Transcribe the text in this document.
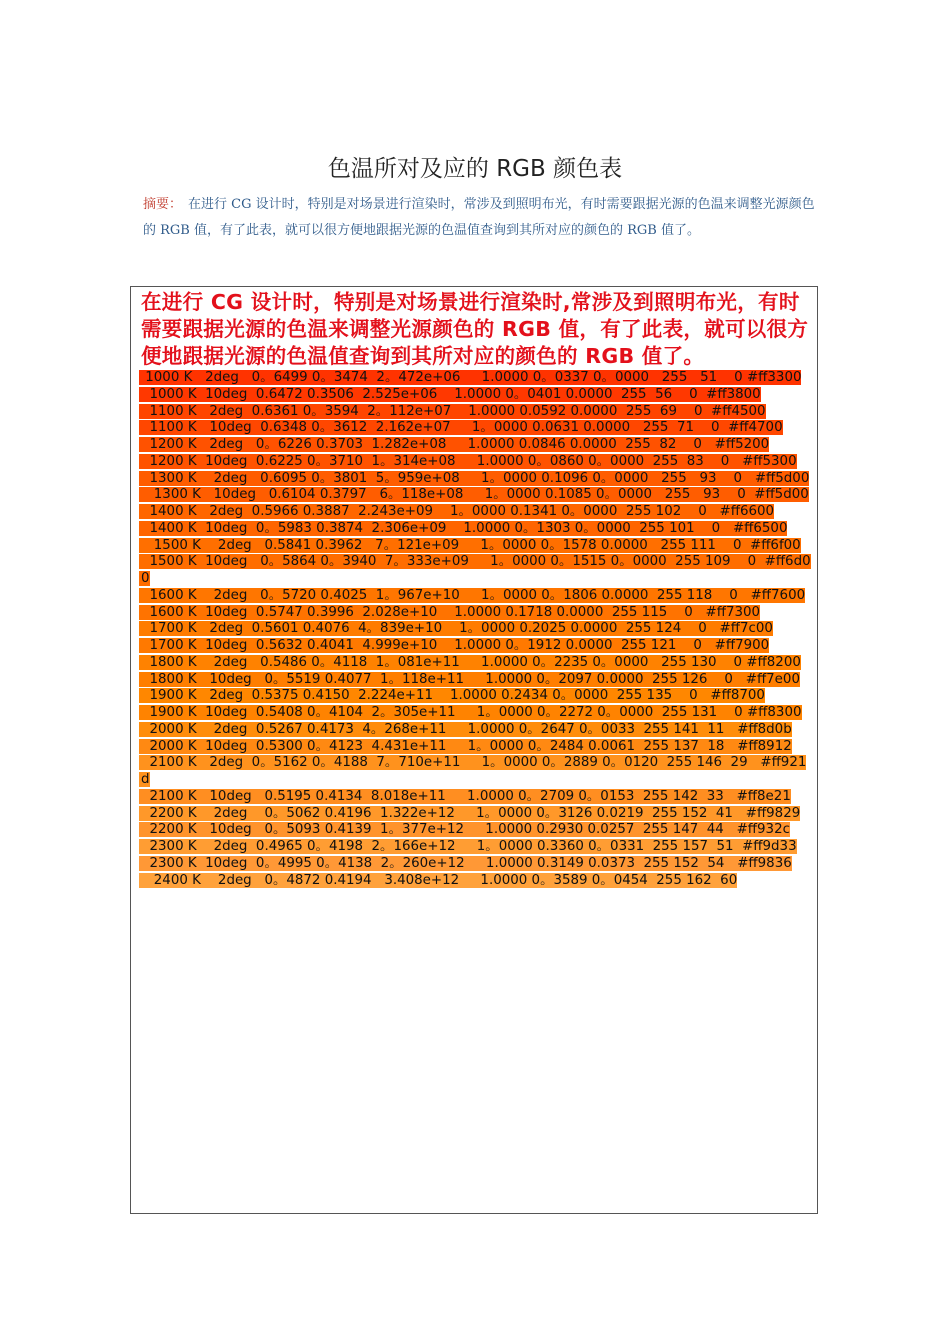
色温所对及应的 RGB 颜色表
摘要： 在进行 CG 设计时，特别是对场景进行渲染时，常涉及到照明布光，有时需要跟据光源的色温来调整光源颜色的 RGB 值，有了此表，就可以很方便地跟据光源的色温值查询到其所对应的颜色的 RGB 值了。
在进行 CG 设计时，特别是对场景进行渲染时,常涉及到照明布光，有时需要跟据光源的色温来调整光源颜色的 RGB 值，有了此表，就可以很方便地跟据光源的色温值查询到其所对应的颜色的 RGB 值了。
1000 K   2deg   0。6499 0。3474  2。472e+06     1.0000 0。0337 0。0000   255   51    0 #ff3300
1000 K  10deg  0.6472 0.3506  2.525e+06    1.0000 0。0401 0.0000  255  56    0  #ff3800
1100 K   2deg  0.6361 0。3594  2。112e+07    1.0000 0.0592 0.0000  255  69    0  #ff4500
1100 K   10deg  0.6348 0。3612  2.162e+07     1。0000 0.0631 0.0000   255  71    0  #ff4700
1200 K   2deg   0。6226 0.3703  1.282e+08     1.0000 0.0846 0.0000  255  82    0   #ff5200
1200 K  10deg  0.6225 0。3710  1。314e+08     1.0000 0。0860 0。0000  255  83    0   #ff5300
1300 K    2deg   0.6095 0。3801  5。959e+08     1。0000 0.1096 0。0000   255   93    0   #ff5d00
1300 K   10deg   0.6104 0.3797   6。118e+08     1。0000 0.1085 0。0000   255   93    0  #ff5d00
1400 K   2deg  0.5966 0.3887  2.243e+09    1。0000 0.1341 0。0000  255 102    0   #ff6600
1400 K  10deg  0。5983 0.3874  2.306e+09    1.0000 0。1303 0。0000  255 101    0   #ff6500
1500 K    2deg   0.5841 0.3962   7。121e+09     1。0000 0。1578 0.0000   255 111    0  #ff6f00
1500 K  10deg   0。5864 0。3940  7。333e+09     1。0000 0。1515 0。0000  255 109    0  #ff6d00
1600 K    2deg   0。5720 0.4025  1。967e+10     1。0000 0。1806 0.0000  255 118    0   #ff7600
1600 K  10deg  0.5747 0.3996  2.028e+10    1.0000 0.1718 0.0000  255 115    0   #ff7300
1700 K   2deg  0.5601 0.4076  4。839e+10    1。0000 0.2025 0.0000  255 124    0   #ff7c00
1700 K  10deg  0.5632 0.4041  4.999e+10    1.0000 0。1912 0.0000  255 121    0   #ff7900
1800 K    2deg   0.5486 0。4118  1。081e+11     1.0000 0。2235 0。0000   255 130    0 #ff8200
1800 K   10deg   0。5519 0.4077  1。118e+11     1.0000 0。2097 0.0000  255 126    0   #ff7e00
1900 K   2deg  0.5375 0.4150  2.224e+11    1.0000 0.2434 0。0000  255 135    0   #ff8700
1900 K  10deg  0.5408 0。4104  2。305e+11     1。0000 0。2272 0。0000  255 131    0 #ff8300
2000 K    2deg  0.5267 0.4173  4。268e+11     1.0000 0。2647 0。0033  255 141  11   #ff8d0b
2000 K  10deg  0.5300 0。4123  4.431e+11     1。0000 0。2484 0.0061  255 137  18   #ff8912
2100 K   2deg  0。5162 0。4188  7。710e+11     1。0000 0。2889 0。0120  255 146  29   #ff921d
2100 K   10deg   0.5195 0.4134  8.018e+11     1.0000 0。2709 0。0153  255 142  33   #ff8e21
2200 K    2deg    0。5062 0.4196  1.322e+12     1。0000 0。3126 0.0219  255 152  41   #ff9829
2200 K   10deg   0。5093 0.4139  1。377e+12     1.0000 0.2930 0.0257  255 147  44   #ff932c
2300 K    2deg  0.4965 0。4198  2。166e+12     1。0000 0.3360 0。0331  255 157  51  #ff9d33
2300 K  10deg  0。4995 0。4138  2。260e+12     1.0000 0.3149 0.0373  255 152  54   #ff9836
2400 K    2deg   0。4872 0.4194   3.408e+12     1.0000 0。3589 0。0454  255 162  60
